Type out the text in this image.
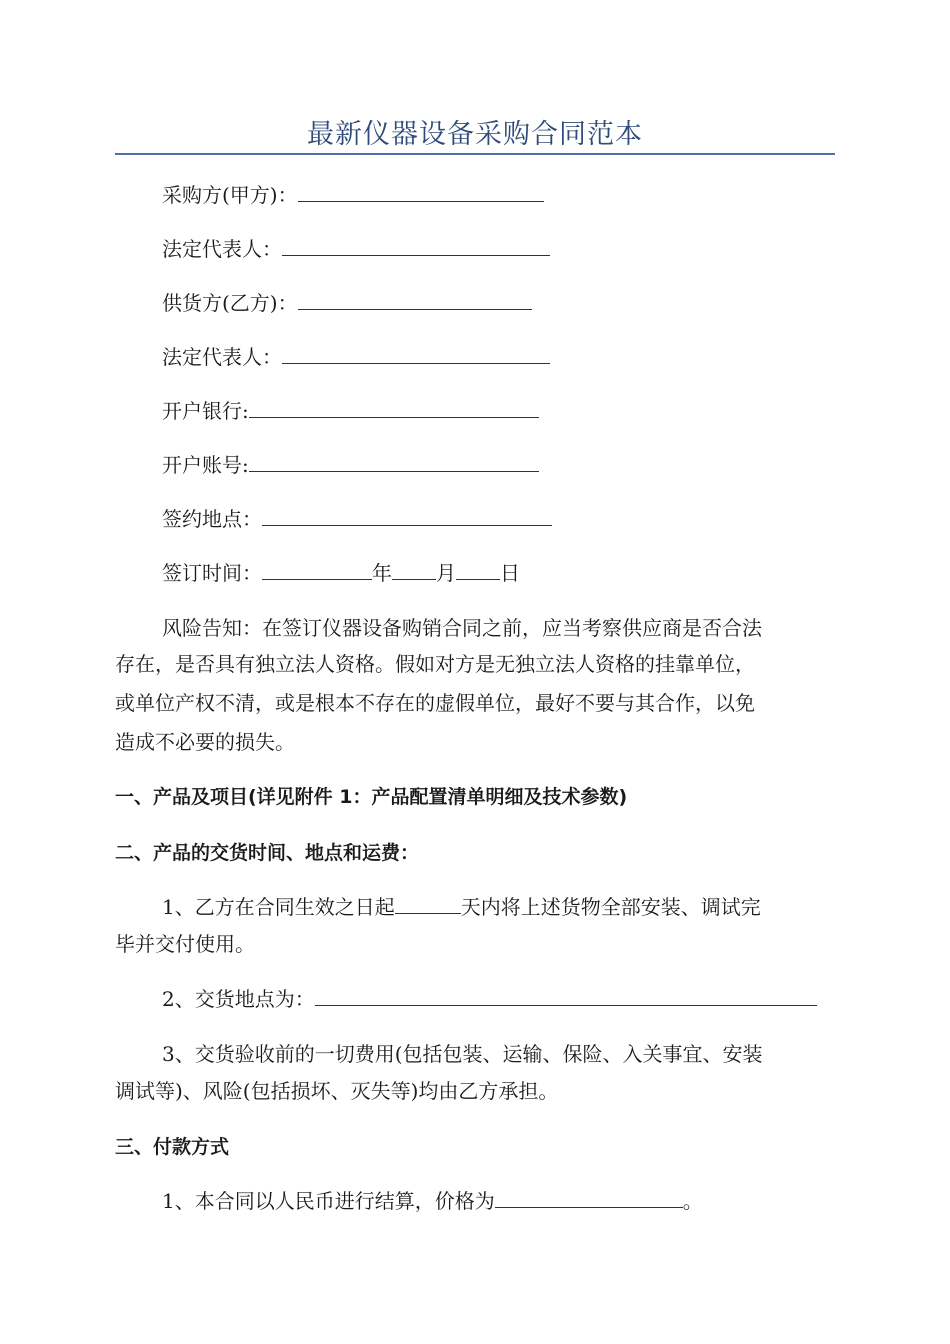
最新仪器设备采购合同范本
采购方(甲方)：
法定代表人：
供货方(乙方)：
法定代表人：
开户银行:
开户账号:
签约地点：
签订时间：	年 月 日
风险告知：在签订仪器设备购销合同之前，应当考察供应商是否合法
存在，是否具有独立法人资格。假如对方是无独立法人资格的挂靠单位，
或单位产权不清，或是根本不存在的虚假单位，最好不要与其合作，以免
造成不必要的损失。
一、产品及项目(详见附件 1：产品配置清单明细及技术参数)
二、产品的交货时间、地点和运费：
1、乙方在合同生效之日起	天内将上述货物全部安装、调试完
毕并交付使用。
2、交货地点为：
3、交货验收前的一切费用(包括包装、运输、保险、入关事宜、安装
调试等)、风险(包括损坏、灭失等)均由乙方承担。
三、付款方式
1、本合同以人民币进行结算，价格为	。
